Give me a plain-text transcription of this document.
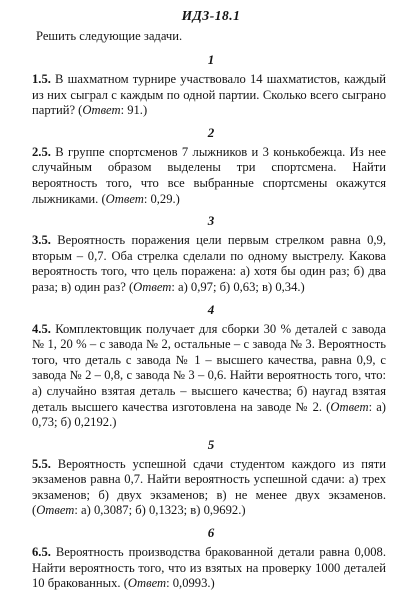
ИДЗ-18.1
Решить следующие задачи.
1

1.5. В шахматном турнире участвовало 14 шахматистов, каждый из них сыграл с каждым по одной партии. Сколько всего сыграно партий? (Ответ: 91.)

2

2.5. В группе спортсменов 7 лыжников и 3 конькобежца. Из нее случайным образом выделены три спортсмена. Найти вероятность того, что все выбранные спортсмены окажутся лыжниками. (Ответ: 0,29.)

3

3.5. Вероятность поражения цели первым стрелком равна 0,9, вторым – 0,7. Оба стрелка сделали по одному выстрелу. Какова вероятность того, что цель поражена: а) хотя бы один раз; б) два раза; в) один раз? (Ответ: а) 0,97; б) 0,63; в) 0,34.)

4

4.5. Комплектовщик получает для сборки 30 % деталей с завода № 1, 20 % – с завода № 2, остальные – с завода № 3. Вероятность того, что деталь с завода № 1 – высшего качества, равна 0,9, с завода № 2 – 0,8, с завода № 3 – 0,6. Найти вероятность того, что: а) случайно взятая деталь – высшего качества; б) наугад взятая деталь высшего качества изготовлена на заводе № 2. (Ответ: а) 0,73; б) 0,2192.)

5

5.5. Вероятность успешной сдачи студентом каждого из пяти экзаменов равна 0,7. Найти вероятность успешной сдачи: а) трех экзаменов; б) двух экзаменов; в) не менее двух экзаменов. (Ответ: а) 0,3087; б) 0,1323; в) 0,9692.)

6

6.5. Вероятность производства бракованной детали равна 0,008. Найти вероятность того, что из взятых на проверку 1000 деталей 10 бракованных. (Ответ: 0,0993.)
